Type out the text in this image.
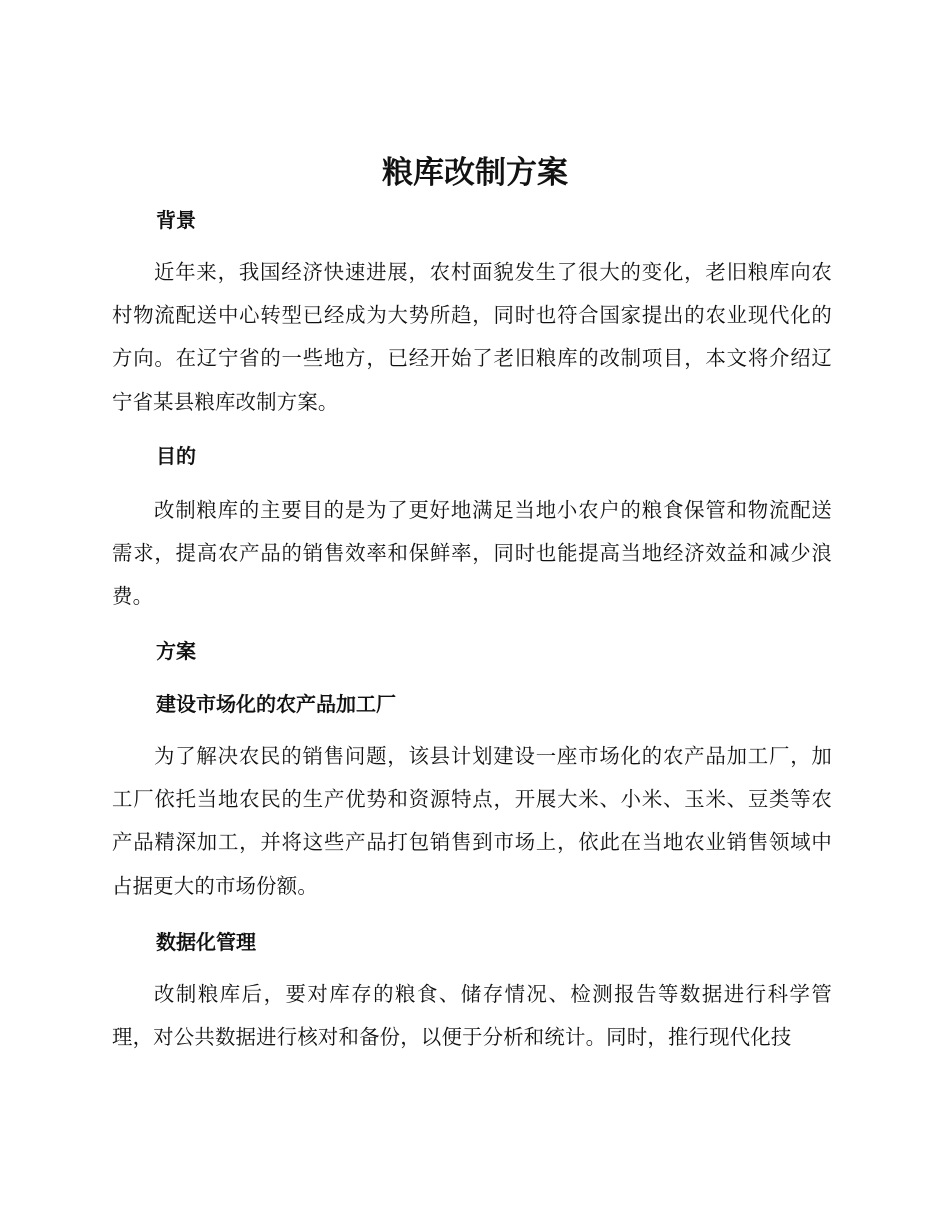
粮库改制方案
背景

近年来，我国经济快速进展，农村面貌发生了很大的变化，老旧粮库向农村物流配送中心转型已经成为大势所趋，同时也符合国家提出的农业现代化的方向。在辽宁省的一些地方，已经开始了老旧粮库的改制项目，本文将介绍辽宁省某县粮库改制方案。

目的

改制粮库的主要目的是为了更好地满足当地小农户的粮食保管和物流配送需求，提高农产品的销售效率和保鲜率，同时也能提高当地经济效益和减少浪费。

方案
建设市场化的农产品加工厂

为了解决农民的销售问题，该县计划建设一座市场化的农产品加工厂，加工厂依托当地农民的生产优势和资源特点，开展大米、小米、玉米、豆类等农产品精深加工，并将这些产品打包销售到市场上，依此在当地农业销售领域中占据更大的市场份额。

数据化管理

改制粮库后，要对库存的粮食、储存情况、检测报告等数据进行科学管理，对公共数据进行核对和备份，以便于分析和统计。同时，推行现代化技
